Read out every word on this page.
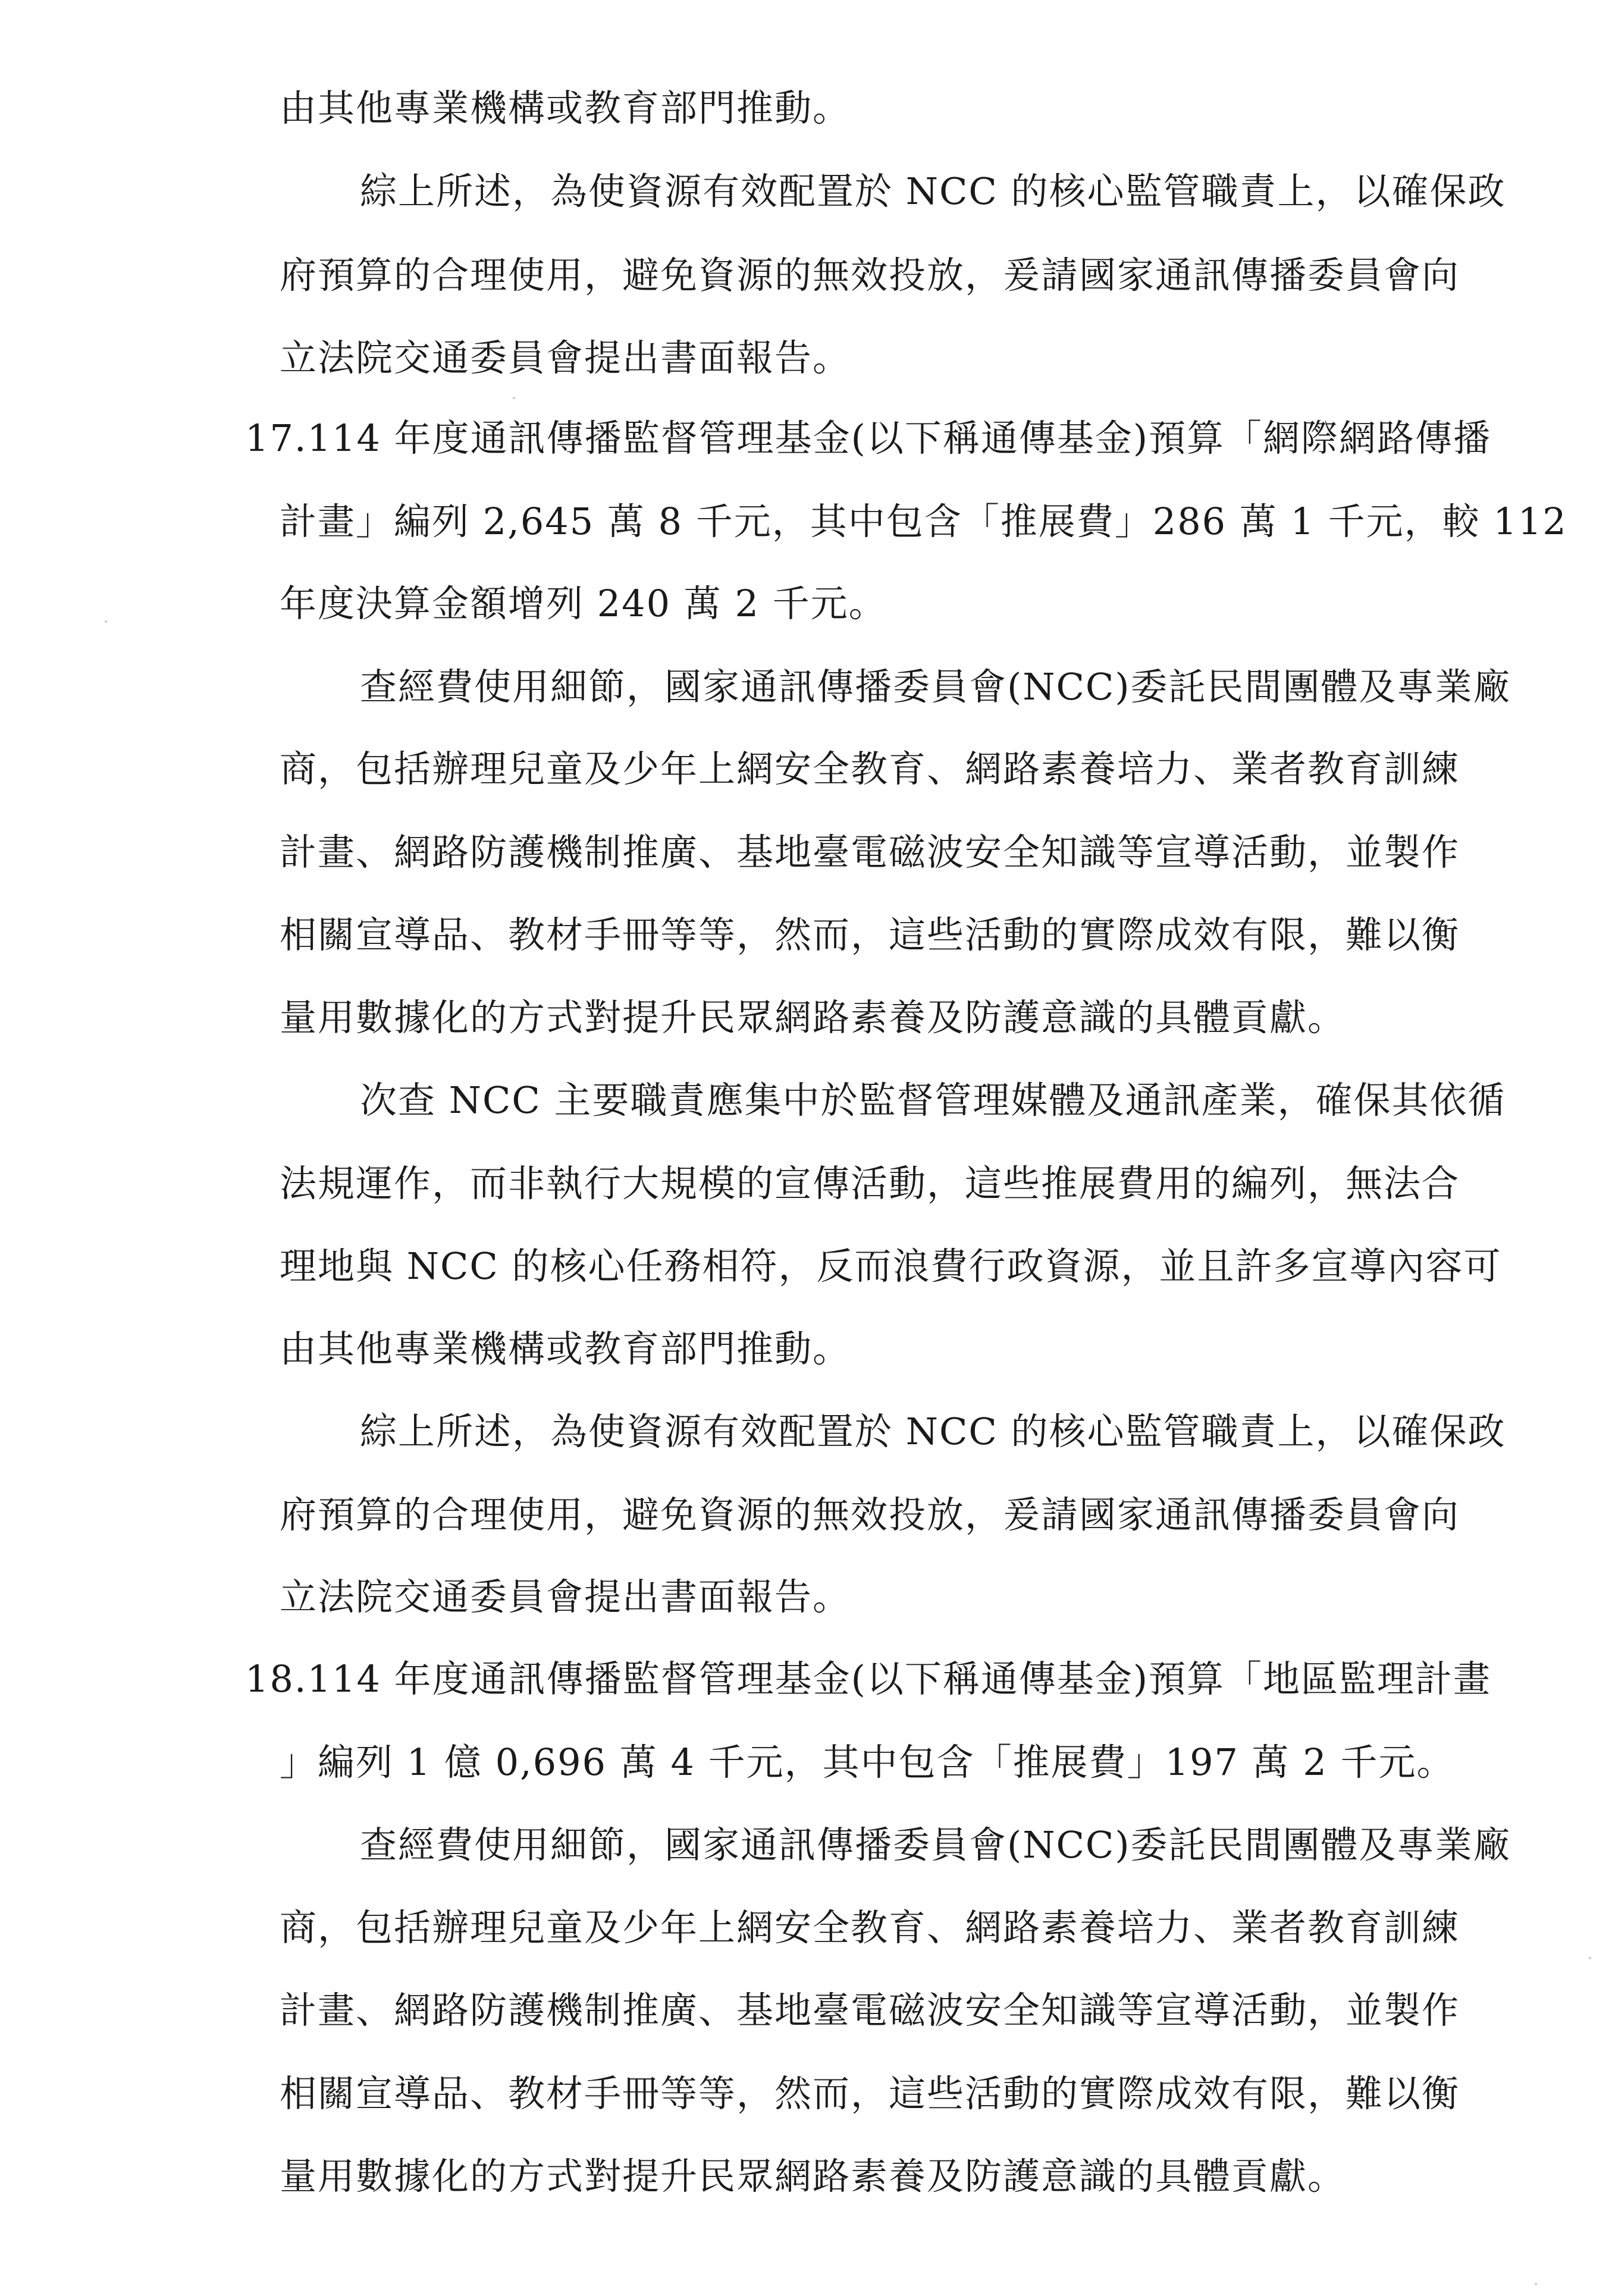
由其他專業機構或教育部門推動。
綜上所述，為使資源有效配置於 NCC 的核心監管職責上，以確保政
府預算的合理使用，避免資源的無效投放，爰請國家通訊傳播委員會向
立法院交通委員會提出書面報告。
17.114 年度通訊傳播監督管理基金(以下稱通傳基金)預算「網際網路傳播
計畫」編列 2,645 萬 8 千元，其中包含「推展費」286 萬 1 千元，較 112
年度決算金額增列 240 萬 2 千元。
查經費使用細節，國家通訊傳播委員會(NCC)委託民間團體及專業廠
商，包括辦理兒童及少年上網安全教育、網路素養培力、業者教育訓練
計畫、網路防護機制推廣、基地臺電磁波安全知識等宣導活動，並製作
相關宣導品、教材手冊等等，然而，這些活動的實際成效有限，難以衡
量用數據化的方式對提升民眾網路素養及防護意識的具體貢獻。
次查 NCC 主要職責應集中於監督管理媒體及通訊產業，確保其依循
法規運作，而非執行大規模的宣傳活動，這些推展費用的編列，無法合
理地與 NCC 的核心任務相符，反而浪費行政資源，並且許多宣導內容可
由其他專業機構或教育部門推動。
綜上所述，為使資源有效配置於 NCC 的核心監管職責上，以確保政
府預算的合理使用，避免資源的無效投放，爰請國家通訊傳播委員會向
立法院交通委員會提出書面報告。
18.114 年度通訊傳播監督管理基金(以下稱通傳基金)預算「地區監理計畫
」編列 1 億 0,696 萬 4 千元，其中包含「推展費」197 萬 2 千元。
查經費使用細節，國家通訊傳播委員會(NCC)委託民間團體及專業廠
商，包括辦理兒童及少年上網安全教育、網路素養培力、業者教育訓練
計畫、網路防護機制推廣、基地臺電磁波安全知識等宣導活動，並製作
相關宣導品、教材手冊等等，然而，這些活動的實際成效有限，難以衡
量用數據化的方式對提升民眾網路素養及防護意識的具體貢獻。
